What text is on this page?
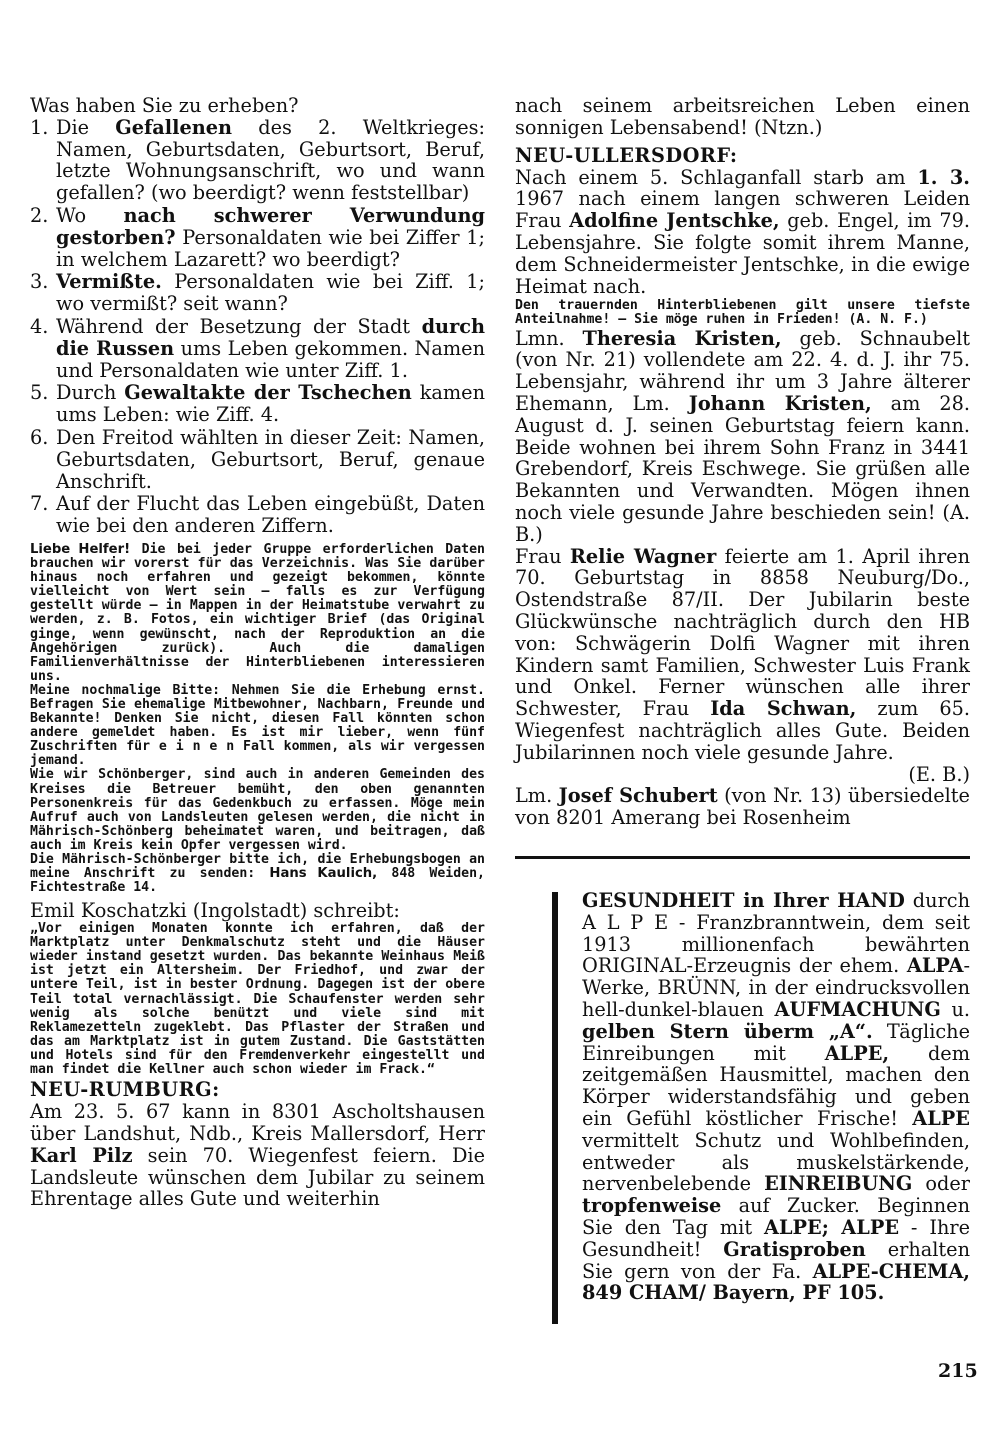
Was haben Sie zu erheben?

1. Die Gefallenen des 2. Weltkrieges: Namen, Geburtsdaten, Geburtsort, Beruf, letzte Wohnungsanschrift, wo und wann gefallen? (wo beerdigt? wenn feststellbar)
2. Wo nach schwerer Verwundung gestorben? Personaldaten wie bei Ziffer 1; in welchem Lazarett? wo beerdigt?
3. Vermißte. Personaldaten wie bei Ziff. 1; wo vermißt? seit wann?
4. Während der Besetzung der Stadt durch die Russen ums Leben gekommen. Namen und Personaldaten wie unter Ziff. 1.
5. Durch Gewaltakte der Tschechen kamen ums Leben: wie Ziff. 4.
6. Den Freitod wählten in dieser Zeit: Namen, Geburtsdaten, Geburtsort, Beruf, genaue Anschrift.
7. Auf der Flucht das Leben eingebüßt, Daten wie bei den anderen Ziffern.

Liebe Helfer! Die bei jeder Gruppe erforderlichen Daten brauchen wir vorerst für das Verzeichnis. Was Sie darüber hinaus noch erfahren und gezeigt bekommen, könnte vielleicht von Wert sein — falls es zur Verfügung gestellt würde — in Mappen in der Heimatstube verwahrt zu werden, z. B. Fotos, ein wichtiger Brief (das Original ginge, wenn gewünscht, nach der Reproduktion an die Angehörigen zurück). Auch die damaligen Familienverhältnisse der Hinterbliebenen interessieren uns.

Meine nochmalige Bitte: Nehmen Sie die Erhebung ernst. Befragen Sie ehemalige Mitbewohner, Nachbarn, Freunde und Bekannte! Denken Sie nicht, diesen Fall könnten schon andere gemeldet haben. Es ist mir lieber, wenn fünf Zuschriften für e i n e n Fall kommen, als wir vergessen jemand.

Wie wir Schönberger, sind auch in anderen Gemeinden des Kreises die Betreuer bemüht, den oben genannten Personenkreis für das Gedenkbuch zu erfassen. Möge mein Aufruf auch von Landsleuten gelesen werden, die nicht in Mährisch-Schönberg beheimatet waren, und beitragen, daß auch im Kreis kein Opfer vergessen wird.

Die Mährisch-Schönberger bitte ich, die Erhebungsbogen an meine Anschrift zu senden: Hans Kaulich, 848 Weiden, Fichtestraße 14.

Emil Koschatzki (Ingolstadt) schreibt:

„Vor einigen Monaten konnte ich erfahren, daß der Marktplatz unter Denkmalschutz steht und die Häuser wieder instand gesetzt wurden. Das bekannte Weinhaus Meiß ist jetzt ein Altersheim. Der Friedhof, und zwar der untere Teil, ist in bester Ordnung. Dagegen ist der obere Teil total vernachlässigt. Die Schaufenster werden sehr wenig als solche benützt und viele sind mit Reklamezetteln zugeklebt. Das Pflaster der Straßen und das am Marktplatz ist in gutem Zustand. Die Gaststätten und Hotels sind für den Fremdenverkehr eingestellt und man findet die Kellner auch schon wieder im Frack.“

NEU-RUMBURG:

Am 23. 5. 67 kann in 8301 Ascholtshausen über Landshut, Ndb., Kreis Mallersdorf, Herr Karl Pilz sein 70. Wiegenfest feiern. Die Landsleute wünschen dem Jubilar zu seinem Ehrentage alles Gute und weiterhin

nach seinem arbeitsreichen Leben einen sonnigen Lebensabend! (Ntzn.)

NEU-ULLERSDORF:

Nach einem 5. Schlaganfall starb am 1. 3. 1967 nach einem langen schweren Leiden Frau Adolfine Jentschke, geb. Engel, im 79. Lebensjahre. Sie folgte somit ihrem Manne, dem Schneidermeister Jentschke, in die ewige Heimat nach.

Den trauernden Hinterbliebenen gilt unsere tiefste Anteilnahme! — Sie möge ruhen in Frieden! (A. N. F.)

Lmn. Theresia Kristen, geb. Schnaubelt (von Nr. 21) vollendete am 22. 4. d. J. ihr 75. Lebensjahr, während ihr um 3 Jahre älterer Ehemann, Lm. Johann Kristen, am 28. August d. J. seinen Geburtstag feiern kann. Beide wohnen bei ihrem Sohn Franz in 3441 Grebendorf, Kreis Eschwege. Sie grüßen alle Bekannten und Verwandten. Mögen ihnen noch viele gesunde Jahre beschieden sein! (A. B.)

Frau Relie Wagner feierte am 1. April ihren 70. Geburtstag in 8858 Neuburg/Do., Ostendstraße 87/II. Der Jubilarin beste Glückwünsche nachträglich durch den HB von: Schwägerin Dolfi Wagner mit ihren Kindern samt Familien, Schwester Luis Frank und Onkel. Ferner wünschen alle ihrer Schwester, Frau Ida Schwan, zum 65. Wiegenfest nachträglich alles Gute. Beiden Jubilarinnen noch viele gesunde Jahre.

(E. B.)

Lm. Josef Schubert (von Nr. 13) übersiedelte von 8201 Amerang bei Rosenheim

GESUNDHEIT in Ihrer HAND durch A L P E - Franzbranntwein, dem seit 1913 millionenfach bewährten ORIGINAL-Erzeugnis der ehem. ALPA-Werke, BRÜNN, in der eindrucksvollen hell-dunkel-blauen AUFMACHUNG u. gelben Stern überm „A“. Tägliche Einreibungen mit ALPE, dem zeitgemäßen Hausmittel, machen den Körper widerstandsfähig und geben ein Gefühl köstlicher Frische! ALPE vermittelt Schutz und Wohlbefinden, entweder als muskelstärkende, nervenbelebende EINREIBUNG oder tropfenweise auf Zucker. Beginnen Sie den Tag mit ALPE; ALPE - Ihre Gesundheit! Gratisproben erhalten Sie gern von der Fa. ALPE-CHEMA, 849 CHAM/ Bayern, PF 105.
215
